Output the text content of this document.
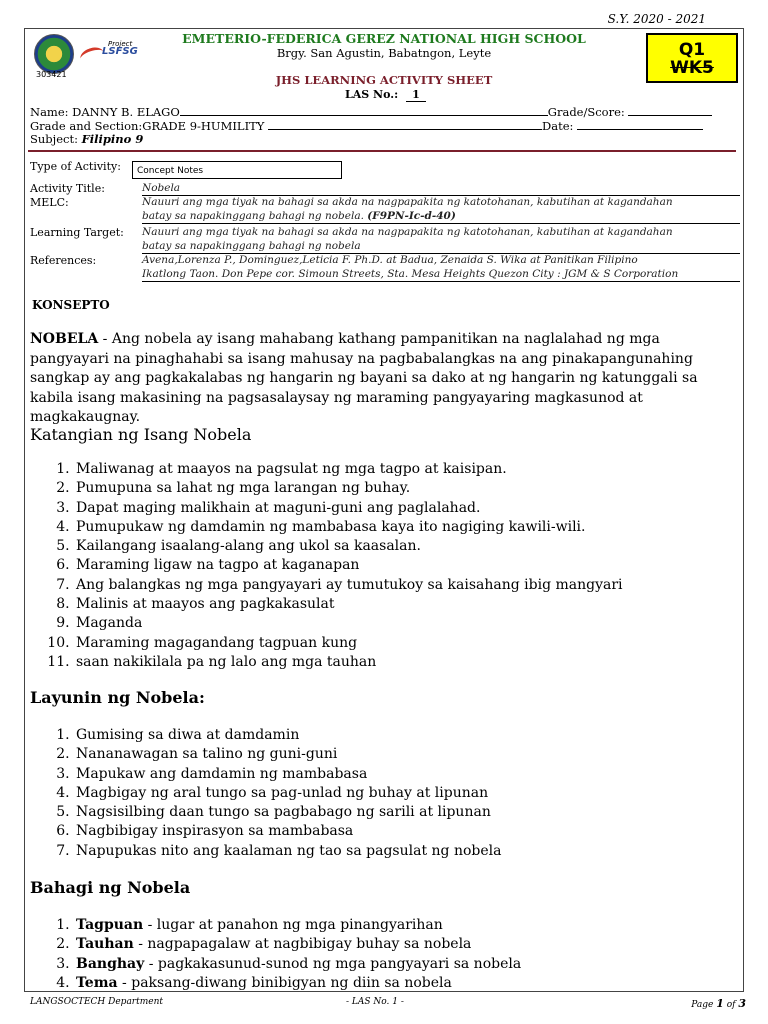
S.Y. 2020 - 2021
303421
Project
LSFSG
EMETERIO-FEDERICA GEREZ NATIONAL HIGH SCHOOL
Brgy. San Agustin, Babatngon, Leyte
JHS LEARNING ACTIVITY SHEET
LAS No.: 1
Q1
WK5
Name: DANNY B. ELAGO	Grade/Score:
Grade and Section:GRADE 9-HUMILITY	Date:
Subject: Filipino 9
Type of Activity:	Concept Notes
Activity Title:	Nobela
MELC:	Nauuri ang mga tiyak na bahagi sa akda na nagpapakita ng katotohanan, kabutihan at kagandahan
batay sa napakinggang bahagi ng nobela. (F9PN-Ic-d-40)
Learning Target: Nauuri ang mga tiyak na bahagi sa akda na nagpapakita ng katotohanan, kabutihan at kagandahan
batay sa napakinggang bahagi ng nobela
References:	Avena,Lorenza P., Dominguez,Leticia F. Ph.D. at Badua, Zenaida S. Wika at Panitikan Filipino
Ikatlong Taon. Don Pepe cor. Simoun Streets, Sta. Mesa Heights Quezon City : JGM & S Corporation
KONSEPTO
NOBELA - Ang nobela ay isang mahabang kathang pampanitikan na naglalahad ng mga pangyayari na pinaghahabi sa isang mahusay na pagbabalangkas na ang pinakapangunahing sangkap ay ang pagkakalabas ng hangarin ng bayani sa dako at ng hangarin ng katunggali sa kabila isang makasining na pagsasalaysay ng maraming pangyayaring magkasunod at magkakaugnay.
Katangian ng Isang Nobela
1. Maliwanag at maayos na pagsulat ng mga tagpo at kaisipan.
2. Pumupuna sa lahat ng mga larangan ng buhay.
3. Dapat maging malikhain at maguni-guni ang paglalahad.
4. Pumupukaw ng damdamin ng mambabasa kaya ito nagiging kawili-wili.
5. Kailangang isaalang-alang ang ukol sa kaasalan.
6. Maraming ligaw na tagpo at kaganapan
7. Ang balangkas ng mga pangyayari ay tumutukoy sa kaisahang ibig mangyari
8. Malinis at maayos ang pagkakasulat
9. Maganda
10. Maraming magagandang tagpuan kung
11. saan nakikilala pa ng lalo ang mga tauhan
Layunin ng Nobela:
1. Gumising sa diwa at damdamin
2. Nananawagan sa talino ng guni-guni
3. Mapukaw ang damdamin ng mambabasa
4. Magbigay ng aral tungo sa pag-unlad ng buhay at lipunan
5. Nagsisilbing daan tungo sa pagbabago ng sarili at lipunan
6. Nagbibigay inspirasyon sa mambabasa
7. Napupukas nito ang kaalaman ng tao sa pagsulat ng nobela
Bahagi ng Nobela
1. Tagpuan - lugar at panahon ng mga pinangyarihan
2. Tauhan - nagpapagalaw at nagbibigay buhay sa nobela
3. Banghay - pagkakasunud-sunod ng mga pangyayari sa nobela
4. Tema - paksang-diwang binibigyan ng diin sa nobela
LANGSOCTECH Department	- LAS No. 1 -	Page 1 of 3
